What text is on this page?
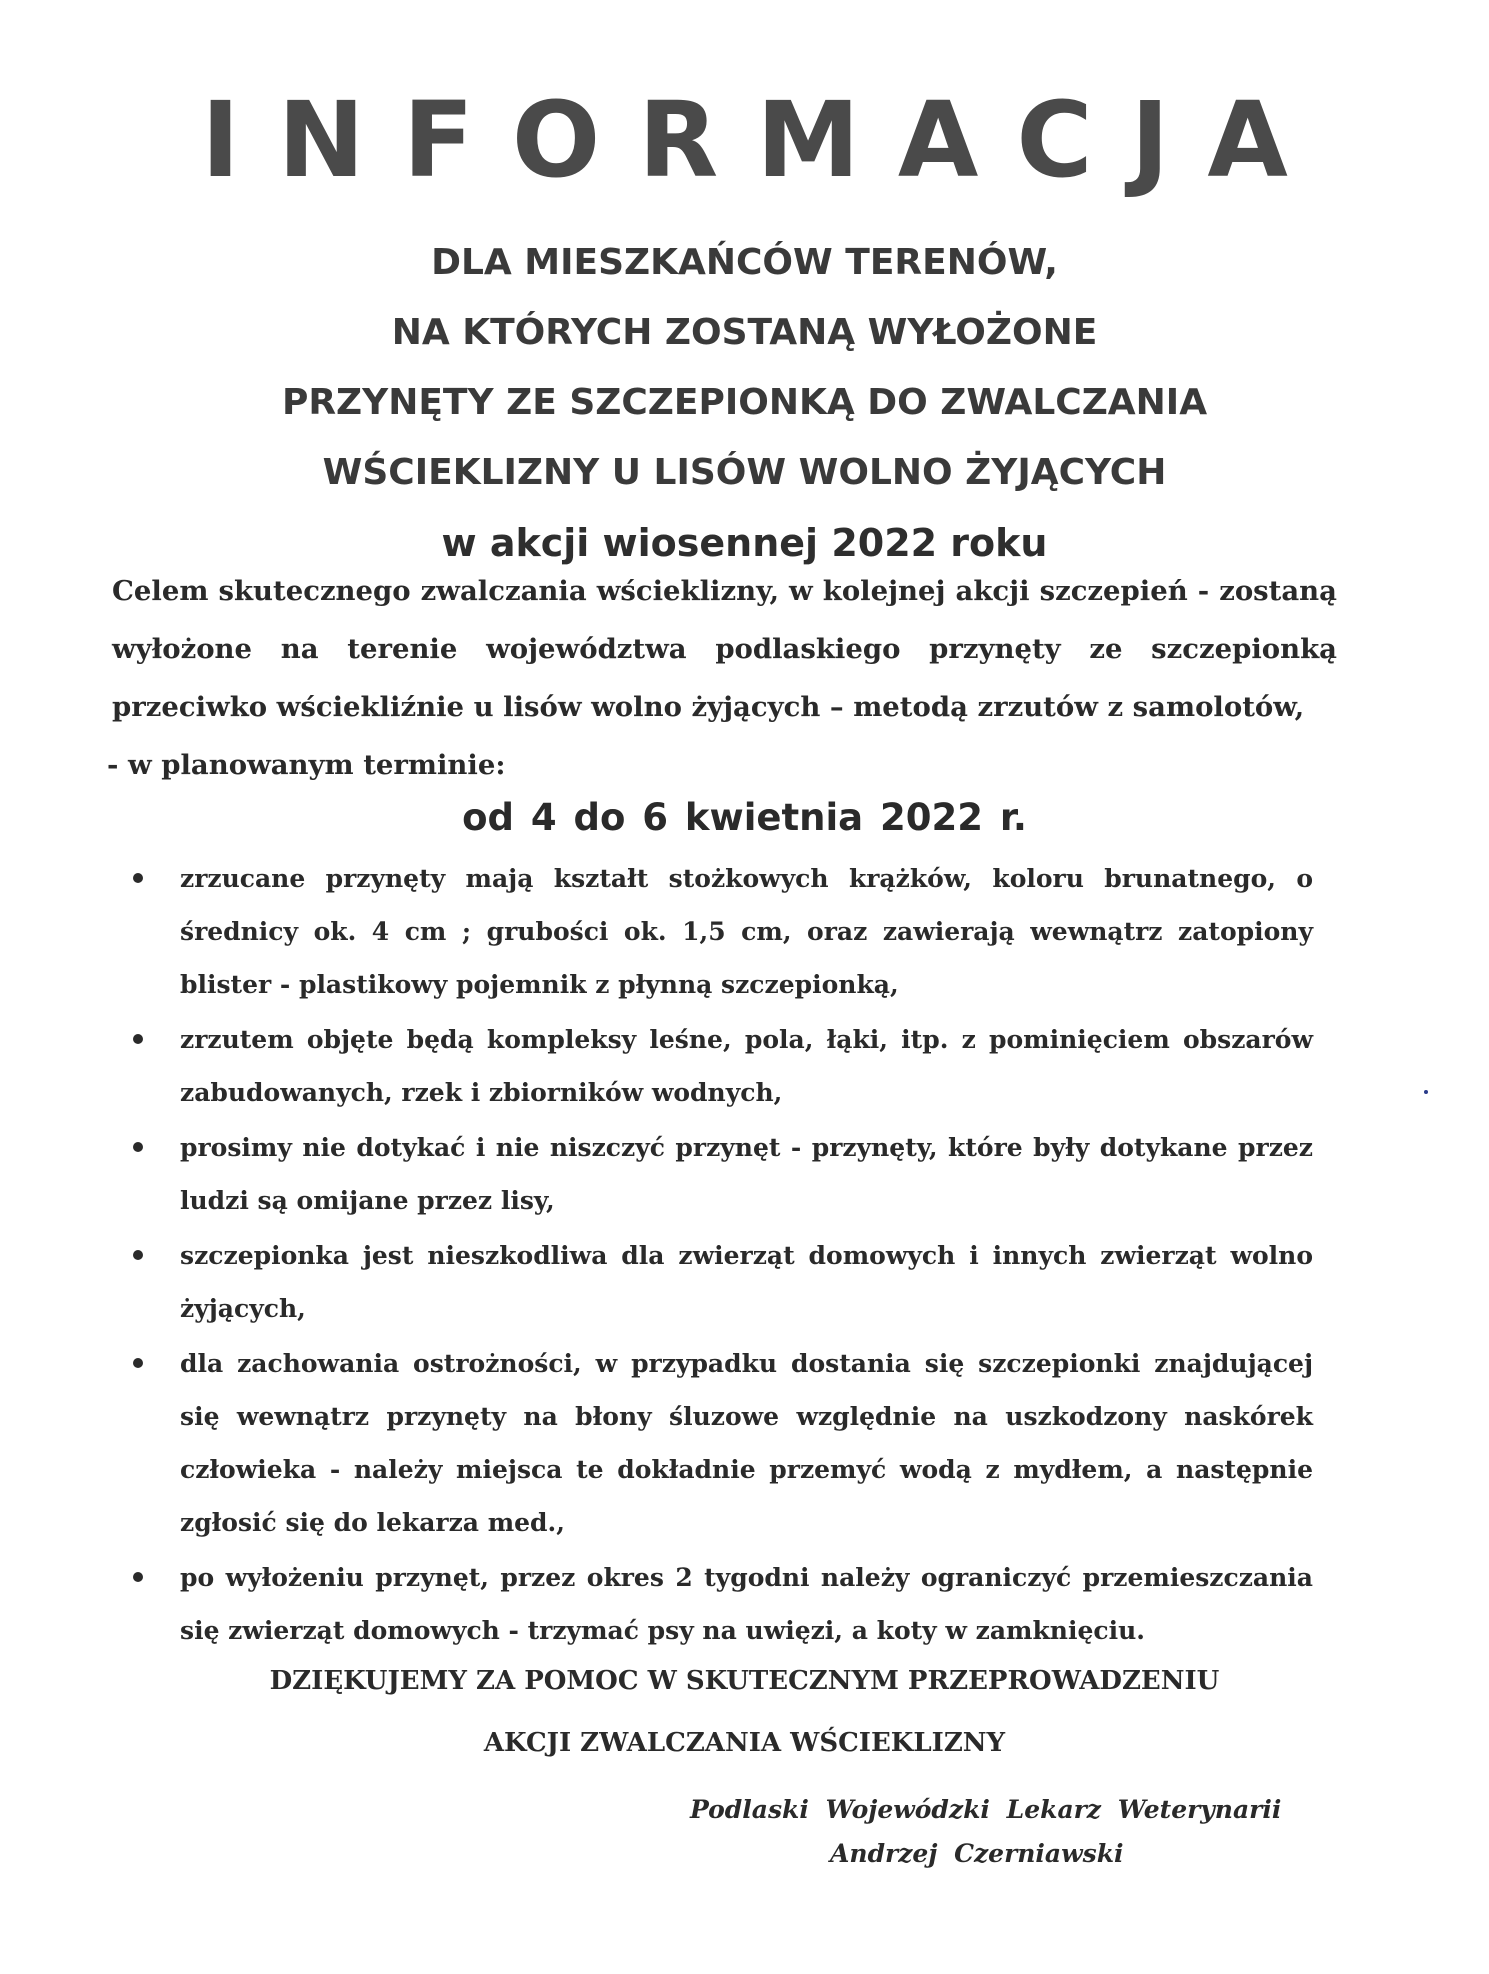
INFORMACJA
DLA MIESZKAŃCÓW TERENÓW,
NA KTÓRYCH ZOSTANĄ WYŁOŻONE
PRZYNĘTY ZE SZCZEPIONKĄ DO ZWALCZANIA
WŚCIEKLIZNY U LISÓW WOLNO ŻYJĄCYCH
w akcji wiosennej 2022 roku
Celem skutecznego zwalczania wścieklizny, w kolejnej akcji szczepień - zostaną wyłożone na terenie województwa podlaskiego przynęty ze szczepionką przeciwko wściekliźnie u lisów wolno żyjących – metodą zrzutów z samolotów,
- w planowanym terminie:
od 4 do 6 kwietnia 2022 r.
zrzucane przynęty mają kształt stożkowych krążków, koloru brunatnego, o średnicy ok. 4 cm ; grubości ok. 1,5 cm, oraz zawierają wewnątrz zatopiony blister - plastikowy pojemnik z płynną szczepionką,
zrzutem objęte będą kompleksy leśne, pola, łąki, itp. z pominięciem obszarów zabudowanych, rzek i zbiorników wodnych,
prosimy nie dotykać i nie niszczyć przynęt - przynęty, które były dotykane przez ludzi są omijane przez lisy,
szczepionka jest nieszkodliwa dla zwierząt domowych i innych zwierząt wolno żyjących,
dla zachowania ostrożności, w przypadku dostania się szczepionki znajdującej się wewnątrz przynęty na błony śluzowe względnie na uszkodzony naskórek człowieka - należy miejsca te dokładnie przemyć wodą z mydłem, a następnie zgłosić się do lekarza med.,
po wyłożeniu przynęt, przez okres 2 tygodni należy ograniczyć przemieszczania się zwierząt domowych - trzymać psy na uwięzi, a koty w zamknięciu.
DZIĘKUJEMY ZA POMOC W SKUTECZNYM PRZEPROWADZENIU
AKCJI ZWALCZANIA WŚCIEKLIZNY
Podlaski Wojewódzki Lekarz Weterynarii
Andrzej Czerniawski
